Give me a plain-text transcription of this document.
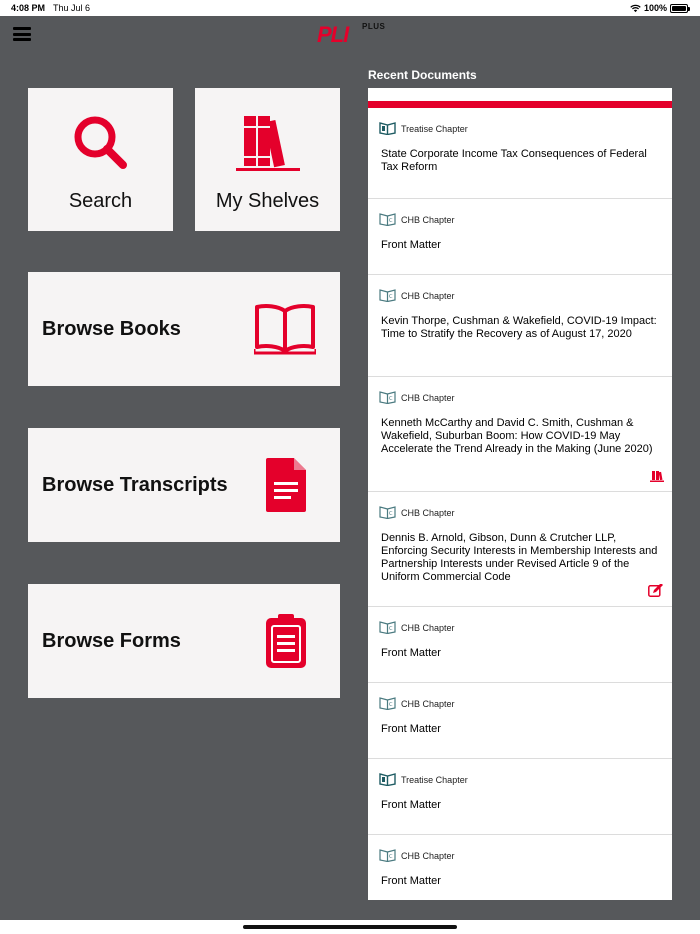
4:08 PM Thu Jul 6	100%
PLI PLUS
Search	My Shelves
Browse Books
Browse Transcripts
Browse Forms
Recent Documents
Treatise Chapter
State Corporate Income Tax Consequences of Federal Tax Reform
C CHB Chapter
Front Matter
C CHB Chapter
Kevin Thorpe, Cushman & Wakefield, COVID-19 Impact: Time to Stratify the Recovery as of August 17, 2020
C CHB Chapter
Kenneth McCarthy and David C. Smith, Cushman & Wakefield, Suburban Boom: How COVID-19 May Accelerate the Trend Already in the Making (June 2020)
C CHB Chapter
Dennis B. Arnold, Gibson, Dunn & Crutcher LLP, Enforcing Security Interests in Membership Interests and Partnership Interests under Revised Article 9 of the Uniform Commercial Code
C CHB Chapter
Front Matter
C CHB Chapter
Front Matter
Treatise Chapter
Front Matter
C CHB Chapter
Front Matter
